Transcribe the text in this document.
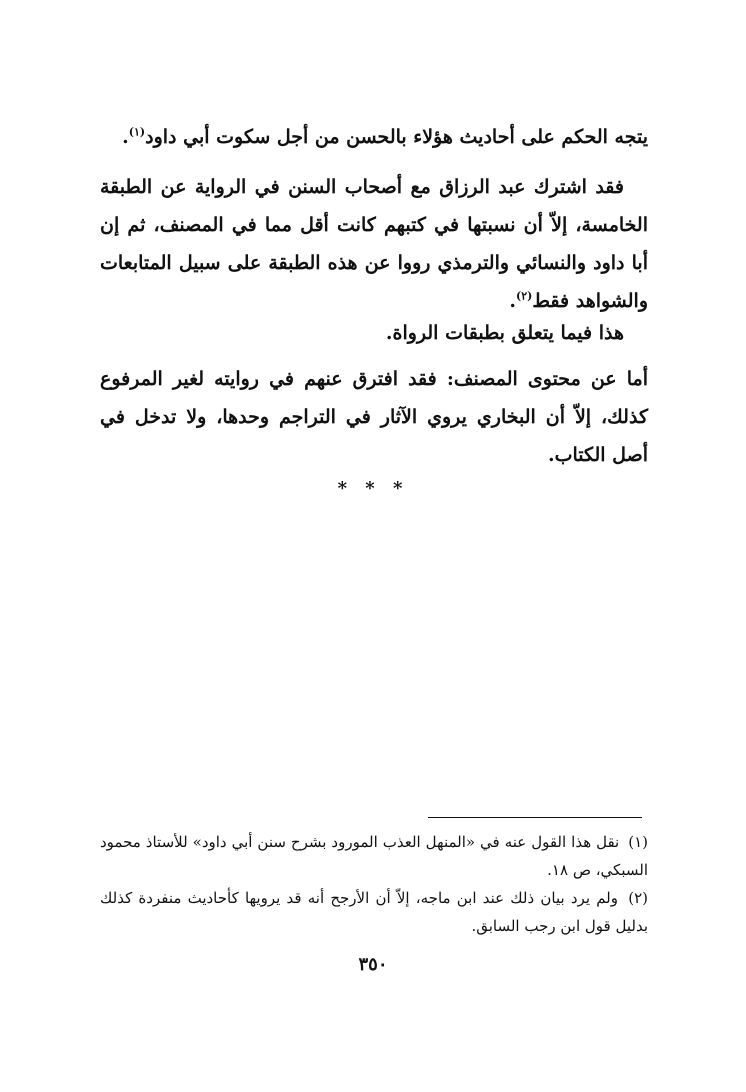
يتجه الحكم على أحاديث هؤلاء بالحسن من أجل سكوت أبي داود$^{(١)}$.

فقد اشترك عبد الرزاق مع أصحاب السنن في الرواية عن الطبقة الخامسة، إلاّ أن نسبتها في كتبهم كانت أقل مما في المصنف، ثم إن أبا داود والنسائي والترمذي رووا عن هذه الطبقة على سبيل المتابعات والشواهد فقط$^{(٢)}$.

هذا فيما يتعلق بطبقات الرواة.

أما عن محتوى المصنف: فقد افترق عنهم في روايته لغير المرفوع كذلك، إلاّ أن البخاري يروي الآثار في التراجم وحدها، ولا تدخل في أصل الكتاب.

* * *

(١) نقل هذا القول عنه في «المنهل العذب المورود بشرح سنن أبي داود» للأستاذ محمود السبكي، ص ١٨.

(٢) ولم يرد بيان ذلك عند ابن ماجه، إلاّ أن الأرجح أنه قد يرويها كأحاديث منفردة كذلك بدليل قول ابن رجب السابق.

٣٥٠
